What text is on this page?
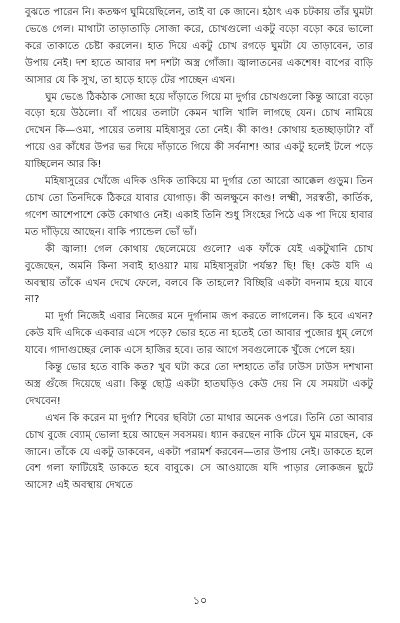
বুঝতে পারেন নি। কতক্ষণ ঘুমিয়েছিলেন, তাই বা কে জানে। হঠাৎ এক চটকায় তাঁর ঘুমটা ভেঙে গেল। মাথাটা তাড়াতাড়ি সোজা করে, চোখগুলো একটু বড়ো বড়ো করে ভালো করে তাকাতে চেষ্টা করলেন। হাত দিয়ে একটু চোখ রগড়ে ঘুমটা যে তাড়াবেন, তার উপায় নেই। দশ হাতে আবার দশ দশটা অস্ত্র গোঁজা। জ্বালাতনের একশেষ! বাপের বাড়ি আসার যে কি সুখ, তা হাড়ে হাড়ে টের পাচ্ছেন এখন।

ঘুম ভেঙে ঠিকঠাক সোজা হয়ে দাঁড়াতে গিয়ে মা দুর্গার চোখগুলো কিন্তু আরো বড়ো বড়ো হয়ে উঠলো। বাঁ পায়ের তলাটা কেমন খালি খালি লাগছে যেন। চোখ নামিয়ে দেখেন কি—ওমা, পায়ের তলায় মহিষাসুর তো নেই। কী কাণ্ড! কোথায় হতচ্ছাড়াটা? বাঁ পায়ে ওর কাঁধের উপর ভর দিয়ে দাঁড়াতে গিয়ে কী সর্বনাশ! আর একটু হলেই টলে পড়ে যাচ্ছিলেন আর কি!

মহিষাসুরের খোঁজে এদিক ওদিক তাকিয়ে মা দুর্গার তো আরো আক্কেল গুড়ুম। তিন চোখ তো তিনদিকে ঠিকরে যাবার যোগাড়। কী অলক্ষুনে কাণ্ড! লক্ষ্মী, সরস্বতী, কার্তিক, গণেশ আশেপাশে কেউ কোথাও নেই। একাই তিনি শুধু সিংহের পিঠে এক পা দিয়ে হাবার মত দাঁড়িয়ে আছেন। বাকি প্যান্ডেল ভোঁ ভাঁ।

কী জ্বালা! গেল কোথায় ছেলেমেয়ে গুলো? এক ফাঁকে যেই একটুখানি চোখ বুজেছেন, অমনি কিনা সবাই হাওয়া? মায় মহিষাসুরটা পর্যন্ত? ছি! ছি! কেউ যদি এ অবস্থায় তাঁকে এখন দেখে ফেলে, বলবে কি তাহলে? বিচ্ছিরি একটা বদনাম হয়ে যাবে না?

মা দুর্গা নিজেই এবার নিজের মনে দুর্গানাম জপ করতে লাগলেন। কি হবে এখন? কেউ যদি এদিকে একবার এসে পড়ে? ভোর হতে না হতেই তো আবার পুজোর ধুম্ লেগে যাবে। গাদাগুচ্ছের লোক এসে হাজির হবে। তার আগে সবগুলোকে খুঁজে পেলে হয়।

কিন্তু ভোর হতে বাকি কত? খুব ঘটা করে তো দশহাতে তাঁর ঢাউস ঢাউস দশখানা অস্ত্র গুঁজে দিয়েছে এরা। কিন্তু ছোট্ট একটা হাতঘড়িও কেউ দেয় নি যে সময়টা একটু দেখবেন!

এখন কি করেন মা দুর্গা? শিবের ছবিটা তো মাথার অনেক ওপরে। তিনি তো আবার চোখ বুজে ব্যোম্ ভোলা হয়ে আছেন সবসময়। ধ্যান করছেন নাকি টেনে ঘুম মারছেন, কে জানে। তাঁকে যে একটু ডাকবেন, একটা পরামর্শ করবেন—তার উপায় নেই। ডাকতে হলে বেশ গলা ফাটিয়েই ডাকতে হবে বাবুকে। সে আওয়াজে যদি পাড়ার লোকজন ছুটে আসে? এই অবস্থায় দেখতে

১০
